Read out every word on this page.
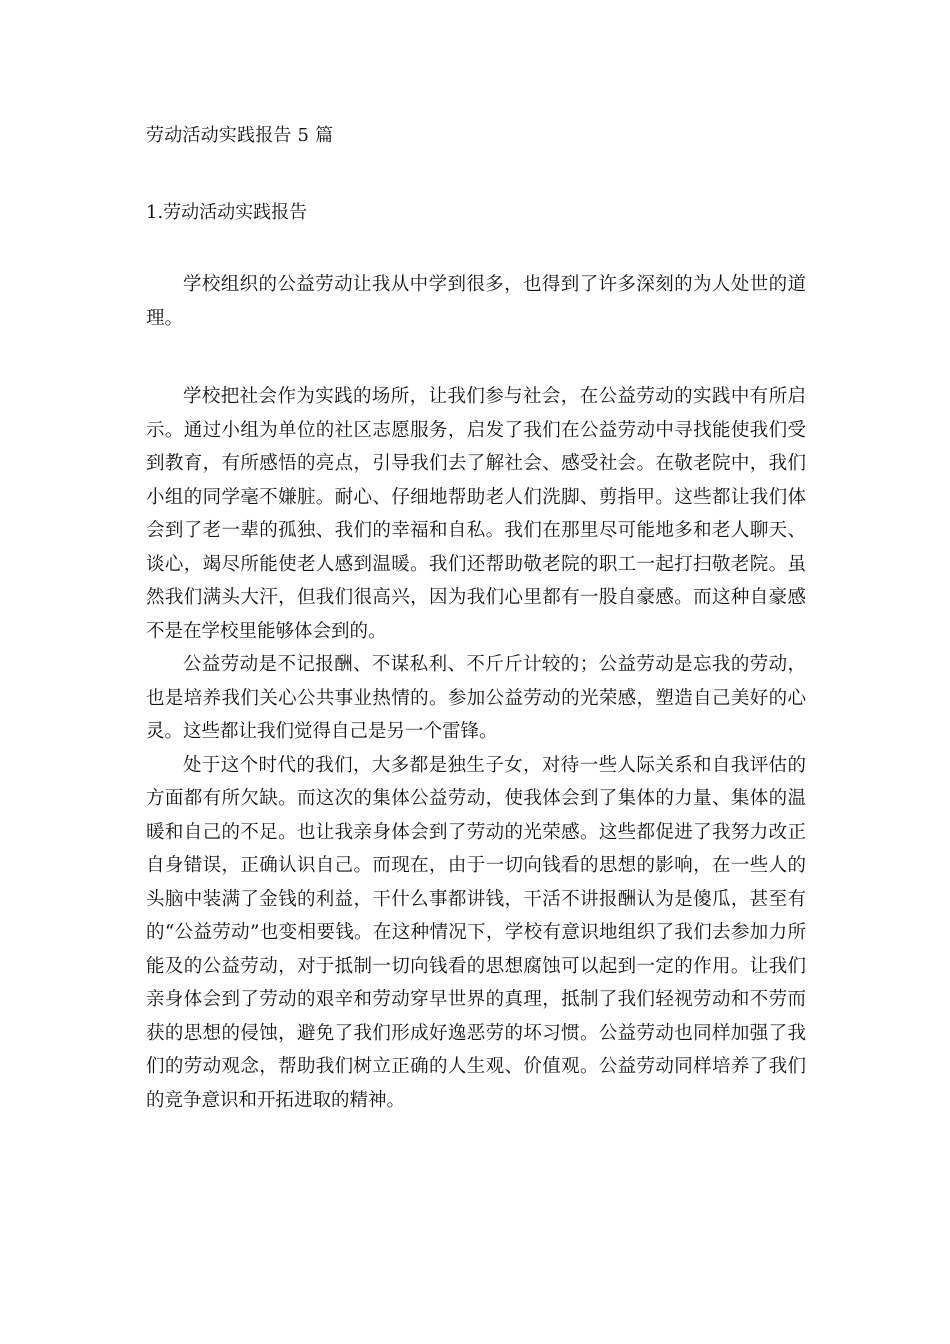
劳动活动实践报告 5 篇
1.劳动活动实践报告

学校组织的公益劳动让我从中学到很多，也得到了许多深刻的为人处世的道理。

学校把社会作为实践的场所，让我们参与社会，在公益劳动的实践中有所启示。通过小组为单位的社区志愿服务，启发了我们在公益劳动中寻找能使我们受到教育，有所感悟的亮点，引导我们去了解社会、感受社会。在敬老院中，我们小组的同学毫不嫌脏。耐心、仔细地帮助老人们洗脚、剪指甲。这些都让我们体会到了老一辈的孤独、我们的幸福和自私。我们在那里尽可能地多和老人聊天、谈心，竭尽所能使老人感到温暖。我们还帮助敬老院的职工一起打扫敬老院。虽然我们满头大汗，但我们很高兴，因为我们心里都有一股自豪感。而这种自豪感不是在学校里能够体会到的。

公益劳动是不记报酬、不谋私利、不斤斤计较的；公益劳动是忘我的劳动，也是培养我们关心公共事业热情的。参加公益劳动的光荣感，塑造自己美好的心灵。这些都让我们觉得自己是另一个雷锋。

处于这个时代的我们，大多都是独生子女，对待一些人际关系和自我评估的方面都有所欠缺。而这次的集体公益劳动，使我体会到了集体的力量、集体的温暖和自己的不足。也让我亲身体会到了劳动的光荣感。这些都促进了我努力改正自身错误，正确认识自己。而现在，由于一切向钱看的思想的影响，在一些人的头脑中装满了金钱的利益，干什么事都讲钱，干活不讲报酬认为是傻瓜，甚至有的“公益劳动”也变相要钱。在这种情况下，学校有意识地组织了我们去参加力所能及的公益劳动，对于抵制一切向钱看的思想腐蚀可以起到一定的作用。让我们亲身体会到了劳动的艰辛和劳动穿早世界的真理，抵制了我们轻视劳动和不劳而获的思想的侵蚀，避免了我们形成好逸恶劳的坏习惯。公益劳动也同样加强了我们的劳动观念，帮助我们树立正确的人生观、价值观。公益劳动同样培养了我们的竞争意识和开拓进取的精神。
